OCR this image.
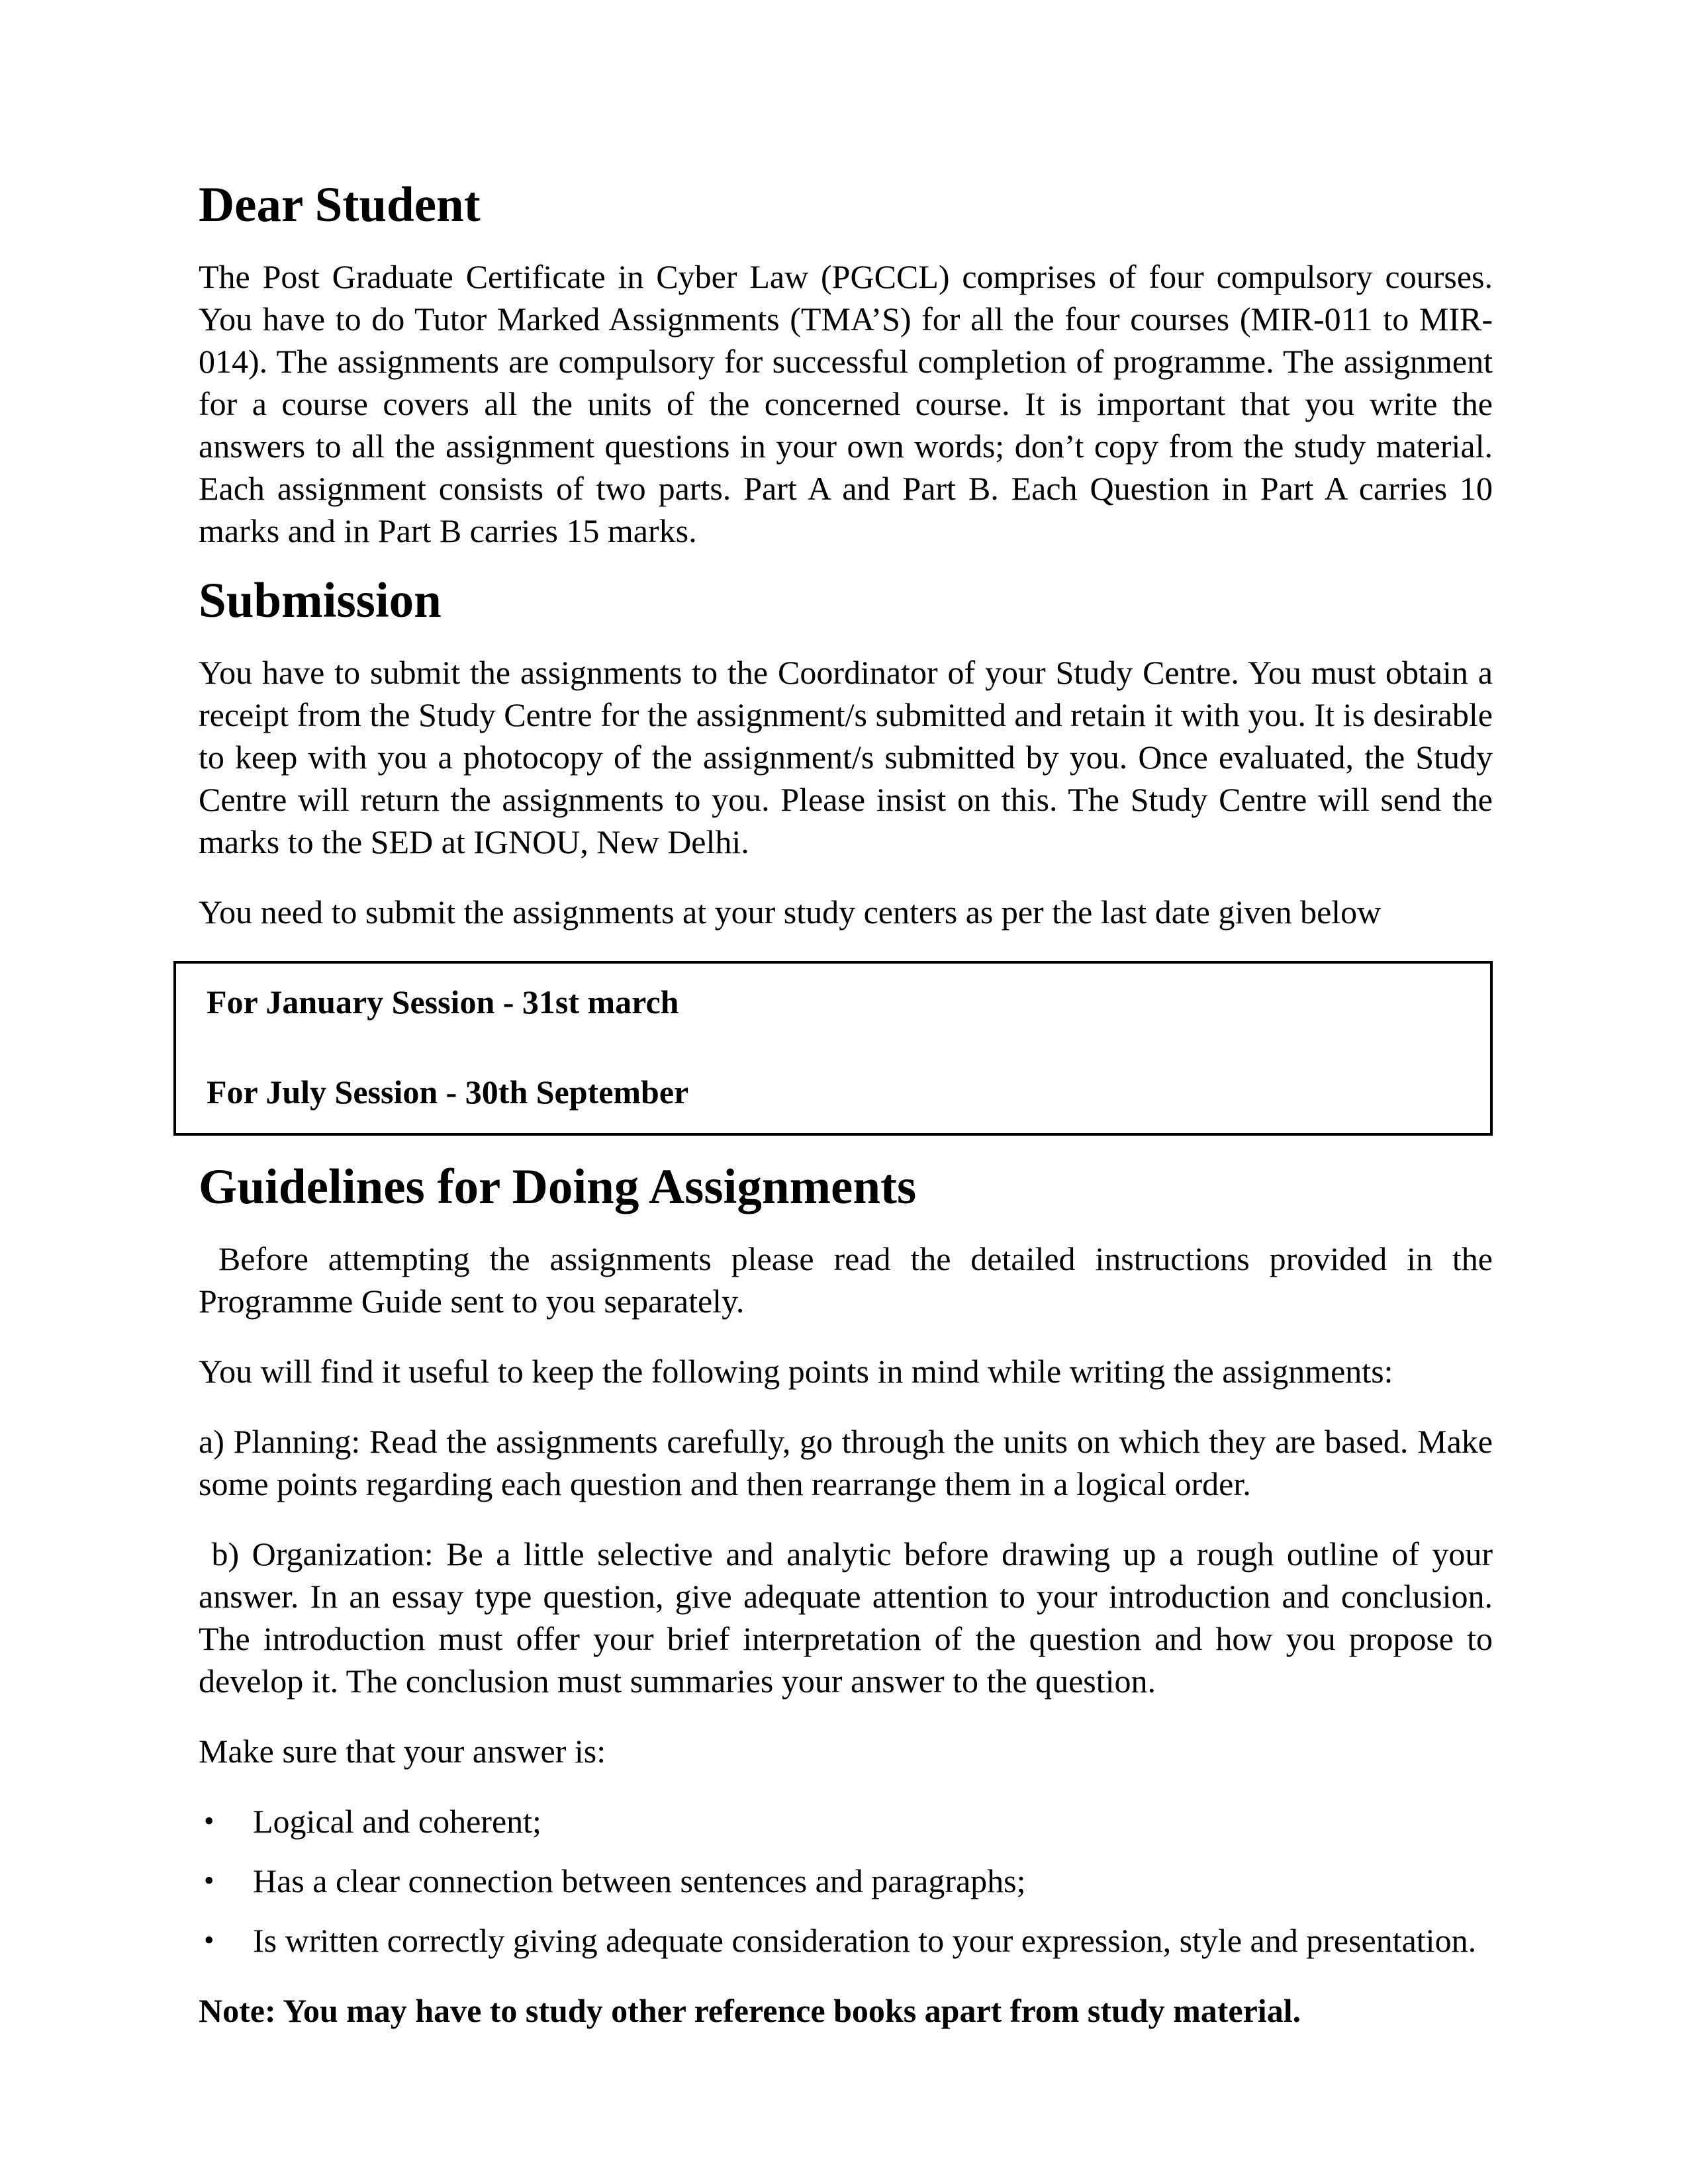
Dear Student

The Post Graduate Certificate in Cyber Law (PGCCL) comprises of four compulsory courses. You have to do Tutor Marked Assignments (TMA’S) for all the four courses (MIR-011 to MIR-014). The assignments are compulsory for successful completion of programme. The assignment for a course covers all the units of the concerned course. It is important that you write the answers to all the assignment questions in your own words; don’t copy from the study material. Each assignment consists of two parts. Part A and Part B. Each Question in Part A carries 10 marks and in Part B carries 15 marks.

Submission

You have to submit the assignments to the Coordinator of your Study Centre. You must obtain a receipt from the Study Centre for the assignment/s submitted and retain it with you. It is desirable to keep with you a photocopy of the assignment/s submitted by you. Once evaluated, the Study Centre will return the assignments to you. Please insist on this. The Study Centre will send the marks to the SED at IGNOU, New Delhi.

You need to submit the assignments at your study centers as per the last date given below

For January Session - 31st march

For July Session - 30th September

Guidelines for Doing Assignments

Before attempting the assignments please read the detailed instructions provided in the Programme Guide sent to you separately.

You will find it useful to keep the following points in mind while writing the assignments:

a) Planning: Read the assignments carefully, go through the units on which they are based. Make some points regarding each question and then rearrange them in a logical order.

b) Organization: Be a little selective and analytic before drawing up a rough outline of your answer. In an essay type question, give adequate attention to your introduction and conclusion. The introduction must offer your brief interpretation of the question and how you propose to develop it. The conclusion must summaries your answer to the question.

Make sure that your answer is:

• Logical and coherent;
• Has a clear connection between sentences and paragraphs;
• Is written correctly giving adequate consideration to your expression, style and presentation.

Note: You may have to study other reference books apart from study material.
